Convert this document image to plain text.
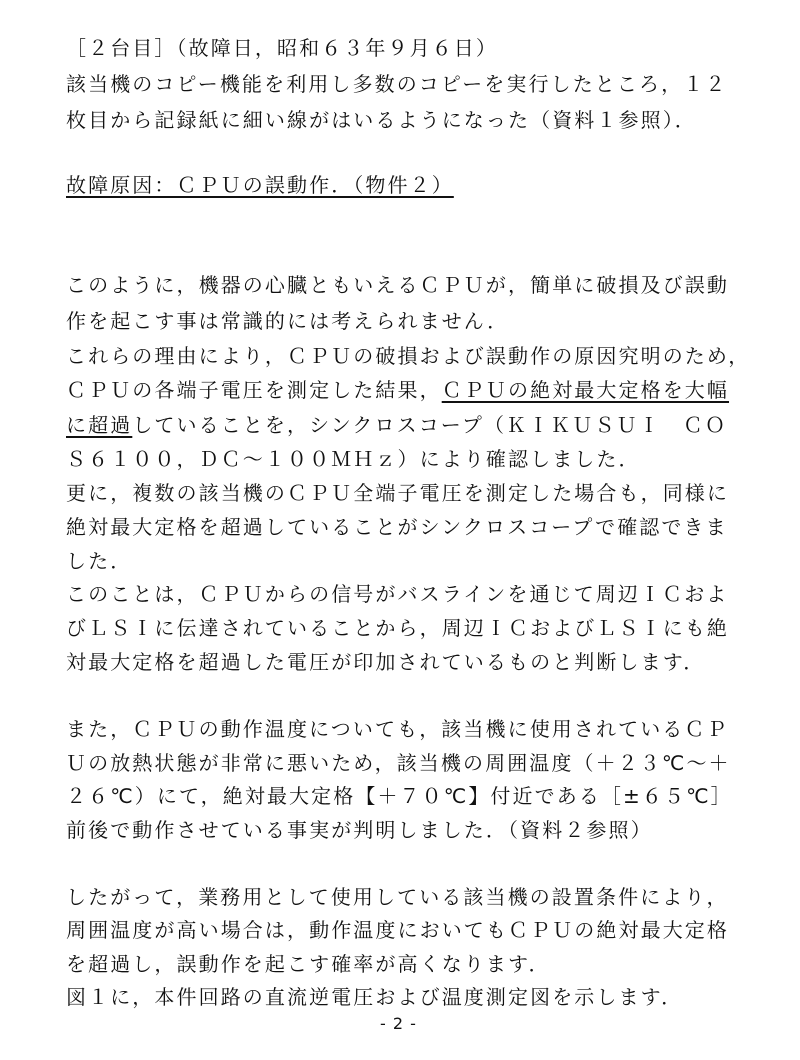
［２台目］（故障日，昭和６３年９月６日）
該当機のコピー機能を利用し多数のコピーを実行したところ，１２
枚目から記録紙に細い線がはいるようになった（資料１参照）．
故障原因：ＣＰＵの誤動作．（物件２）
このように，機器の心臓ともいえるＣＰＵが，簡単に破損及び誤動
作を起こす事は常識的には考えられません．
これらの理由により，ＣＰＵの破損および誤動作の原因究明のため，
ＣＰＵの各端子電圧を測定した結果，ＣＰＵの絶対最大定格を大幅
に超過していることを，シンクロスコープ（ＫＩＫＵＳＵＩ　ＣＯ
Ｓ６１００，ＤＣ～１００ＭＨｚ）により確認しました．
更に，複数の該当機のＣＰＵ全端子電圧を測定した場合も，同様に
絶対最大定格を超過していることがシンクロスコープで確認できま
した．
このことは，ＣＰＵからの信号がバスラインを通じて周辺ＩＣおよ
びＬＳＩに伝達されていることから，周辺ＩＣおよびＬＳＩにも絶
対最大定格を超過した電圧が印加されているものと判断します．
また，ＣＰＵの動作温度についても，該当機に使用されているＣＰ
Ｕの放熱状態が非常に悪いため，該当機の周囲温度（＋２３℃～＋
２６℃）にて，絶対最大定格【＋７０℃】付近である［±６５℃］
前後で動作させている事実が判明しました．（資料２参照）
したがって，業務用として使用している該当機の設置条件により，
周囲温度が高い場合は，動作温度においてもＣＰＵの絶対最大定格
を超過し，誤動作を起こす確率が高くなります．
図１に，本件回路の直流逆電圧および温度測定図を示します．
- 2 -
